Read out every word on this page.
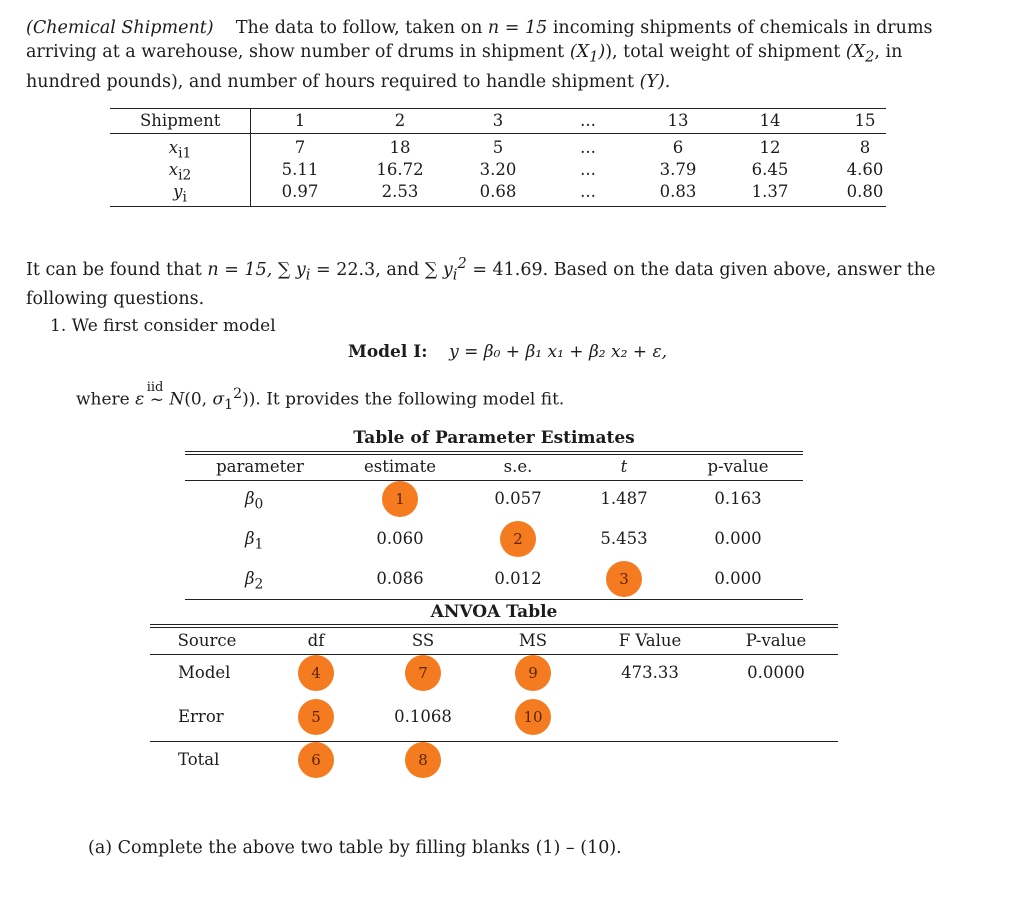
(Chemical Shipment) The data to follow, taken on n = 15 incoming shipments of chemicals in drums arriving at a warehouse, show number of drums in shipment $(X_1)$), total weight of shipment ($X_2$, in hundred pounds), and number of hours required to handle shipment (Y).
Shipment	1	2	3	...	13	14	15
$x_{i1}$	7	18	5	...	6	12	8
$x_{i2}$	5.11	16.72	3.20	...	3.79	6.45	4.60
$y_i$	0.97	2.53	0.68	...	0.83	1.37	0.80
It can be found that n = 15, ∑ $y_i = 22.3$, and ∑ $y_i^2 = 41.69$. Based on the data given above, answer the following questions.
1. We first consider model
Model I: y = β₀ + β₁ x₁ + β₂ x₂ + ε,
where ε
iid
~ N(0, $\sigma_1^2$)). It provides the following model fit.
Table of Parameter Estimates
parameter	estimate	s.e.	t	p-value
$\beta_0$	1	0.057	1.487	0.163
$\beta_1$	0.060	2	5.453	0.000
$\beta_2$	0.086	0.012	3	0.000
ANVOA Table
Source	df	SS	MS	F Value	P-value
Model	4	7	9	473.33	0.0000
Error	5	0.1068	10
Total	6	8
(a) Complete the above two table by filling blanks (1) – (10).
